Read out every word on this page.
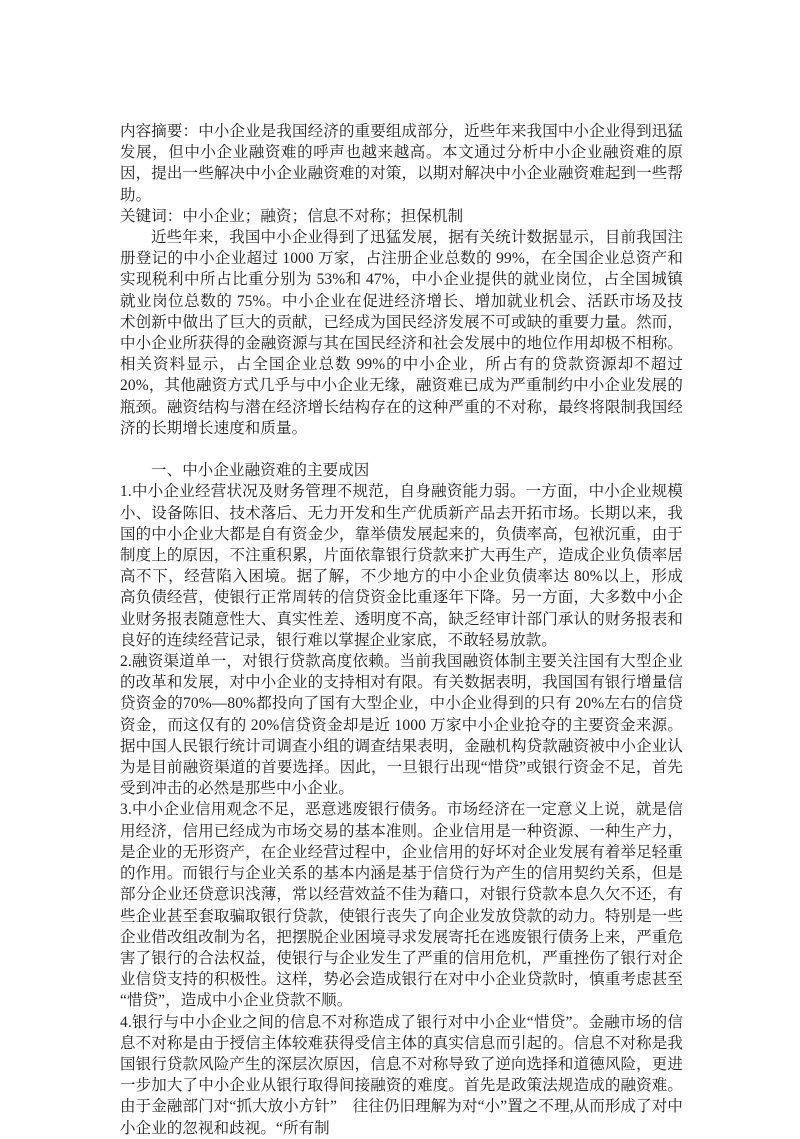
内容摘要：中小企业是我国经济的重要组成部分，近些年来我国中小企业得到迅猛发展，但中小企业融资难的呼声也越来越高。本文通过分析中小企业融资难的原因，提出一些解决中小企业融资难的对策，以期对解决中小企业融资难起到一些帮助。

关键词：中小企业；融资；信息不对称；担保机制

近些年来，我国中小企业得到了迅猛发展，据有关统计数据显示，目前我国注册登记的中小企业超过 1000 万家，占注册企业总数的 99%，在全国企业总资产和实现税利中所占比重分别为 53%和 47%，中小企业提供的就业岗位，占全国城镇就业岗位总数的 75%。中小企业在促进经济增长、增加就业机会、活跃市场及技术创新中做出了巨大的贡献，已经成为国民经济发展不可或缺的重要力量。然而，中小企业所获得的金融资源与其在国民经济和社会发展中的地位作用却极不相称。相关资料显示，占全国企业总数 99%的中小企业，所占有的贷款资源却不超过 20%，其他融资方式几乎与中小企业无缘，融资难已成为严重制约中小企业发展的瓶颈。融资结构与潜在经济增长结构存在的这种严重的不对称，最终将限制我国经济的长期增长速度和质量。

一、中小企业融资难的主要成因

1.中小企业经营状况及财务管理不规范，自身融资能力弱。一方面，中小企业规模小、设备陈旧、技术落后、无力开发和生产优质新产品去开拓市场。长期以来，我国的中小企业大都是自有资金少，靠举债发展起来的，负债率高，包袱沉重，由于制度上的原因，不注重积累，片面依靠银行贷款来扩大再生产，造成企业负债率居高不下，经营陷入困境。据了解，不少地方的中小企业负债率达 80%以上，形成高负债经营，使银行正常周转的信贷资金比重逐年下降。另一方面，大多数中小企业财务报表随意性大、真实性差、透明度不高，缺乏经审计部门承认的财务报表和良好的连续经营记录，银行难以掌握企业家底，不敢轻易放款。

2.融资渠道单一，对银行贷款高度依赖。当前我国融资体制主要关注国有大型企业的改革和发展，对中小企业的支持相对有限。有关数据表明，我国国有银行增量信贷资金的70%—80%都投向了国有大型企业，中小企业得到的只有 20%左右的信贷资金，而这仅有的 20%信贷资金却是近 1000 万家中小企业抢夺的主要资金来源。据中国人民银行统计司调查小组的调查结果表明，金融机构贷款融资被中小企业认为是目前融资渠道的首要选择。因此，一旦银行出现“惜贷”或银行资金不足，首先受到冲击的必然是那些中小企业。

3.中小企业信用观念不足，恶意逃废银行债务。市场经济在一定意义上说，就是信用经济，信用已经成为市场交易的基本准则。企业信用是一种资源、一种生产力，是企业的无形资产，在企业经营过程中，企业信用的好坏对企业发展有着举足轻重的作用。而银行与企业关系的基本内涵是基于信贷行为产生的信用契约关系，但是部分企业还贷意识浅薄，常以经营效益不佳为藉口，对银行贷款本息久欠不还，有些企业甚至套取骗取银行贷款，使银行丧失了向企业发放贷款的动力。特别是一些企业借改组改制为名，把摆脱企业困境寻求发展寄托在逃废银行债务上来，严重危害了银行的合法权益，使银行与企业发生了严重的信用危机，严重挫伤了银行对企业信贷支持的积极性。这样，势必会造成银行在对中小企业贷款时，慎重考虑甚至“惜贷”，造成中小企业贷款不顺。

4.银行与中小企业之间的信息不对称造成了银行对中小企业“惜贷”。金融市场的信息不对称是由于授信主体较难获得受信主体的真实信息而引起的。信息不对称是我国银行贷款风险产生的深层次原因，信息不对称导致了逆向选择和道德风险，更进一步加大了中小企业从银行取得间接融资的难度。首先是政策法规造成的融资难。由于金融部门对“抓大放小方针”　往往仍旧理解为对“小”置之不理,从而形成了对中小企业的忽视和歧视。“所有制
